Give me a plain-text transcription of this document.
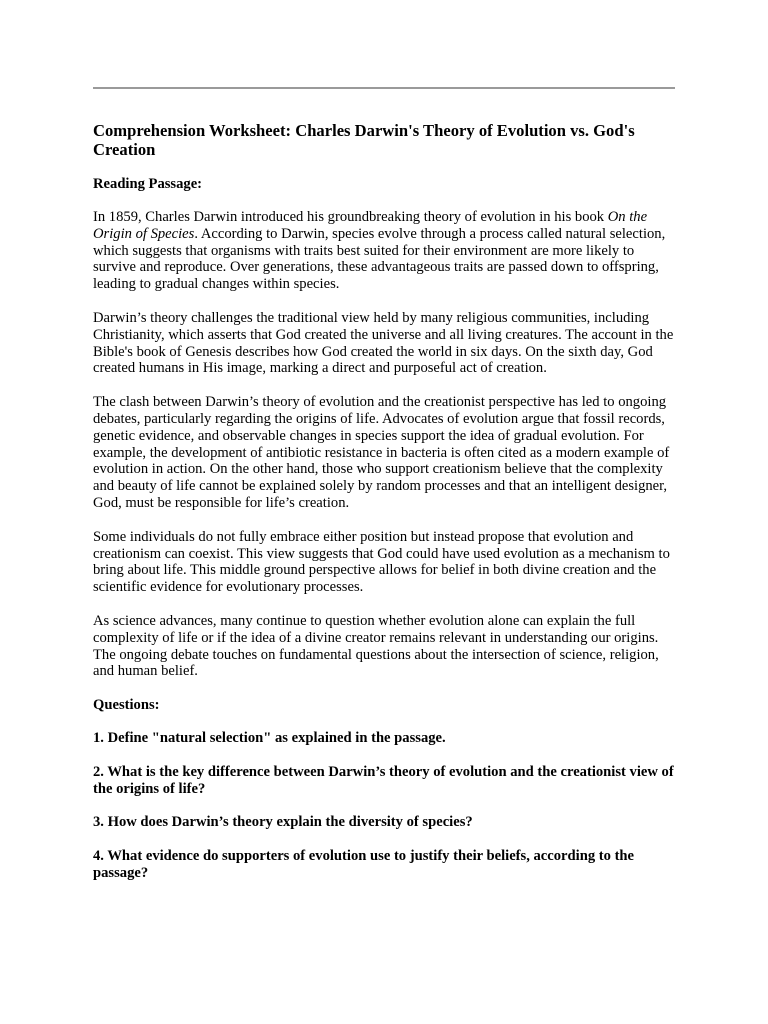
Comprehension Worksheet: Charles Darwin's Theory of Evolution vs. God's Creation
Reading Passage:

In 1859, Charles Darwin introduced his groundbreaking theory of evolution in his book On the Origin of Species. According to Darwin, species evolve through a process called natural selection, which suggests that organisms with traits best suited for their environment are more likely to survive and reproduce. Over generations, these advantageous traits are passed down to offspring, leading to gradual changes within species.

Darwin’s theory challenges the traditional view held by many religious communities, including Christianity, which asserts that God created the universe and all living creatures. The account in the Bible's book of Genesis describes how God created the world in six days. On the sixth day, God created humans in His image, marking a direct and purposeful act of creation.

The clash between Darwin’s theory of evolution and the creationist perspective has led to ongoing debates, particularly regarding the origins of life. Advocates of evolution argue that fossil records, genetic evidence, and observable changes in species support the idea of gradual evolution. For example, the development of antibiotic resistance in bacteria is often cited as a modern example of evolution in action. On the other hand, those who support creationism believe that the complexity and beauty of life cannot be explained solely by random processes and that an intelligent designer, God, must be responsible for life’s creation.

Some individuals do not fully embrace either position but instead propose that evolution and creationism can coexist. This view suggests that God could have used evolution as a mechanism to bring about life. This middle ground perspective allows for belief in both divine creation and the scientific evidence for evolutionary processes.

As science advances, many continue to question whether evolution alone can explain the full complexity of life or if the idea of a divine creator remains relevant in understanding our origins. The ongoing debate touches on fundamental questions about the intersection of science, religion, and human belief.

Questions:

1. Define "natural selection" as explained in the passage.

2. What is the key difference between Darwin’s theory of evolution and the creationist view of the origins of life?

3. How does Darwin’s theory explain the diversity of species?

4. What evidence do supporters of evolution use to justify their beliefs, according to the passage?
